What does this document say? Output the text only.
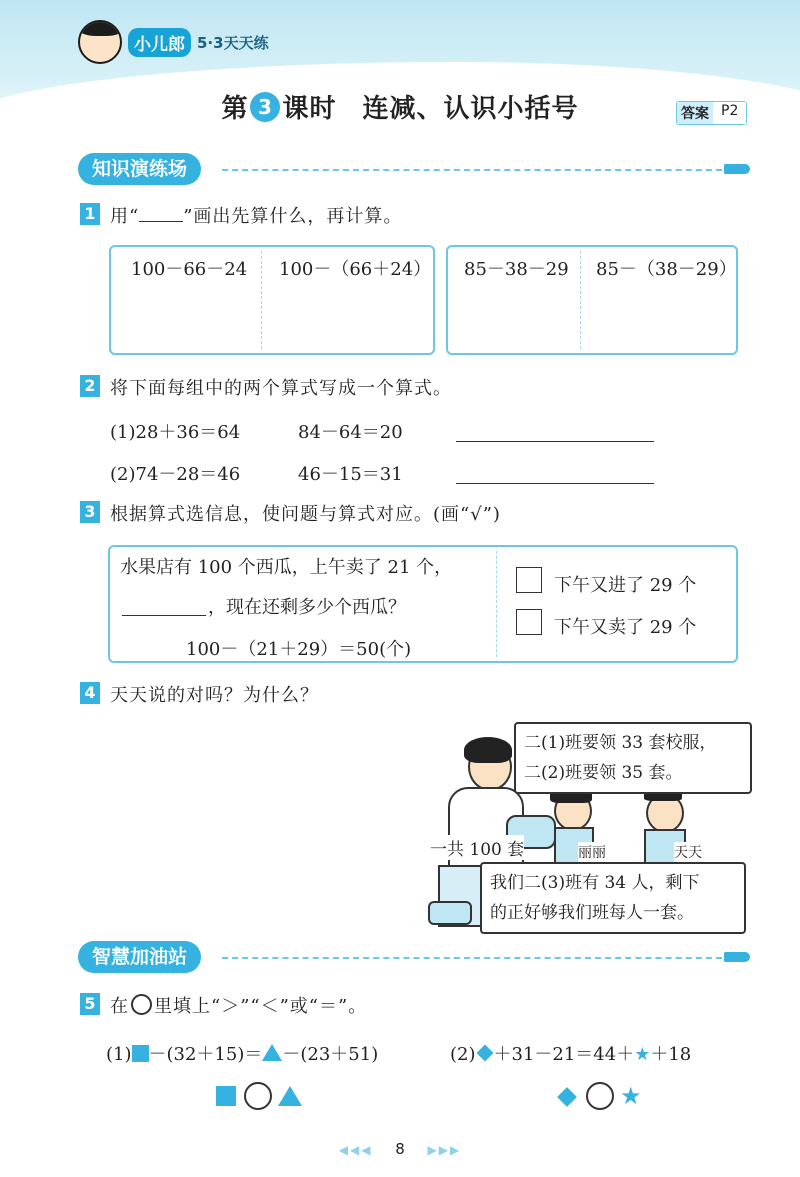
小儿郎 5·3天天练
第 3 课时 连减、认识小括号	答案 P2
知识演练场
1 用“ ”画出先算什么，再计算。
100－66－24 100－（66＋24） 85－38－29 85－（38－29）
2 将下面每组中的两个算式写成一个算式。
(1)28＋36＝64	84－64＝20
(2)74－28＝46	46－15＝31
3 根据算式选信息，使问题与算式对应。(画“√”)
水果店有 100 个西瓜，上午卖了 21 个，
，现在还剩多少个西瓜？
100－（21＋29）＝50(个)
下午又进了 29 个
下午又卖了 29 个
4 天天说的对吗？为什么？
一共 100 套	丽丽	天天
二(1)班要领 33 套校服，
二(2)班要领 35 套。
我们二(3)班有 34 人，剩下
的正好够我们班每人一套。
智慧加油站
5 在 里填上“＞”“＜”或“＝”。
(1) －(32＋15)＝ －(23＋51)	(2) ＋31－21＝44＋★＋18
★
◀◀◀ 8 ▶▶▶
